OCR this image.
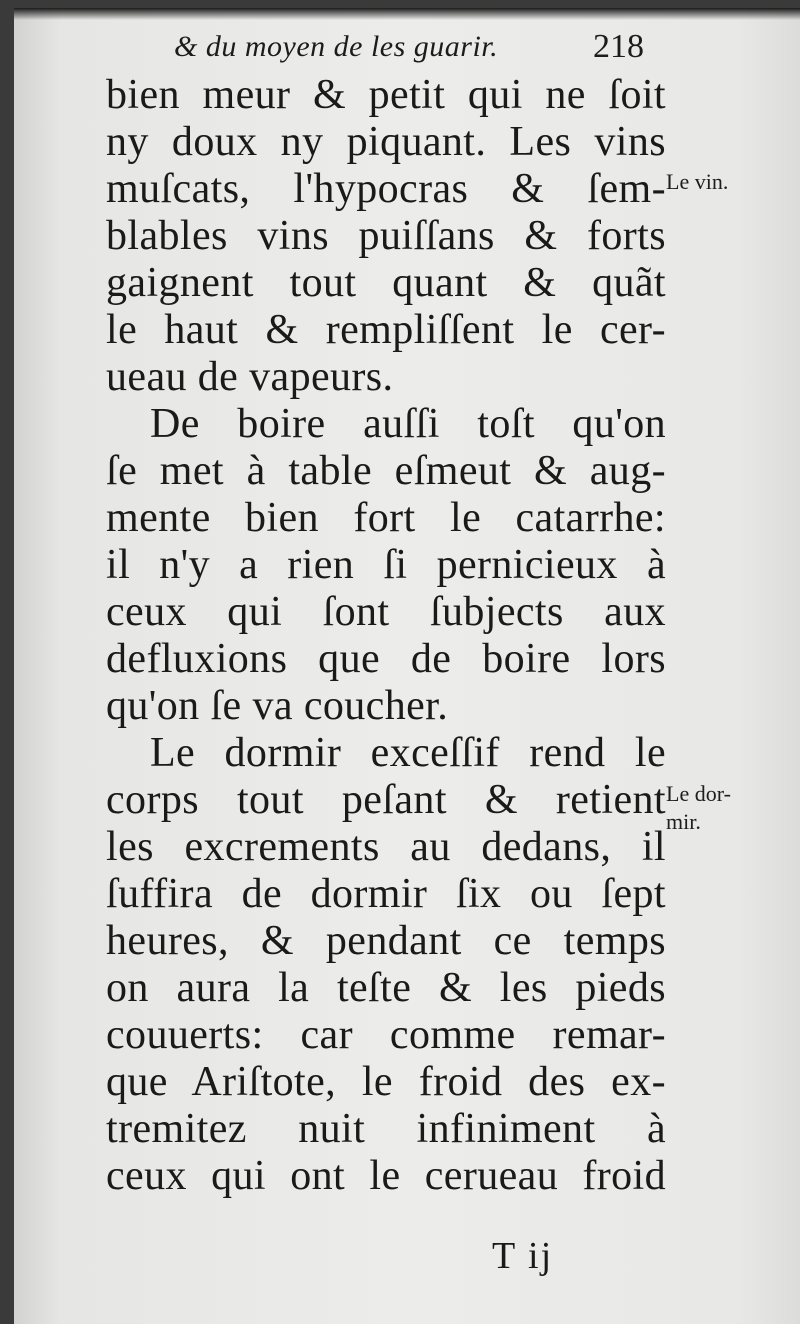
& du moyen de les guarir.	218
bien meur & petit qui ne ſoit
ny doux ny piquant. Les vins
muſcats, l'hypocras & ſem-
blables vins puiſſans & forts
gaignent tout quant & quãt
le haut & rempliſſent le cer-
ueau de vapeurs.
De boire auſſi toſt qu'on
ſe met à table eſmeut & aug-
mente bien fort le catarrhe:
il n'y a rien ſi pernicieux à
ceux qui ſont ſubjects aux
defluxions que de boire lors
qu'on ſe va coucher.
Le dormir exceſſif rend le
corps tout peſant & retient
les excrements au dedans, il
ſuffira de dormir ſix ou ſept
heures, & pendant ce temps
on aura la teſte & les pieds
couuerts: car comme remar-
que Ariſtote, le froid des ex-
tremitez nuit infiniment à
ceux qui ont le cerueau froid
Le vin.
Le dor-
mir.
T ij
